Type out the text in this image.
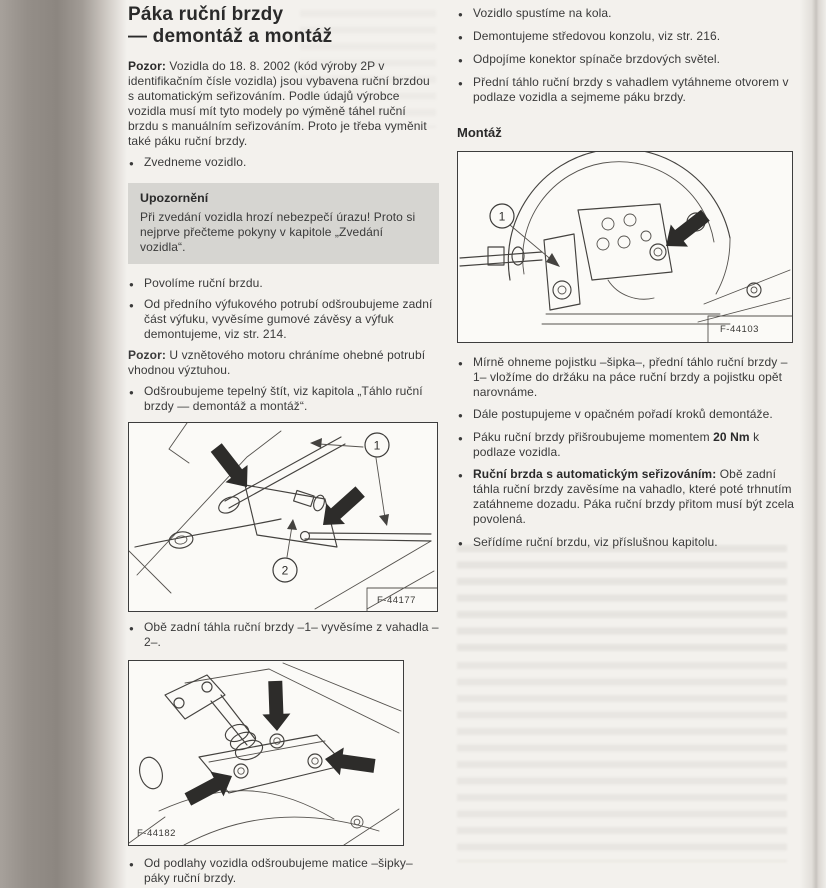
Páka ruční brzdy
— demontáž a montáž

Pozor: Vozidla do 18. 8. 2002 (kód výroby 2P v identifikačním čísle vozidla) jsou vybavena ruční brzdou s automatickým seřizováním. Podle údajů výrobce vozidla musí mít tyto modely po výměně táhel ruční brzdu s manuálním seřizováním. Proto je třeba vyměnit také páku ruční brzdy.

●
Zvedneme vozidlo.
Upozornění
Při zvedání vozidla hrozí nebezpečí úrazu! Proto si nejprve přečteme pokyny v kapitole „Zvedání vozidla“.
●
Povolíme ruční brzdu.
●
Od předního výfukového potrubí odšroubujeme zadní část výfuku, vyvěsíme gumové závěsy a výfuk demontujeme, viz str. 214.

Pozor: U vznětového motoru chráníme ohebné potrubí vhodnou výztuhou.

●
Odšroubujeme tepelný štít, viz kapitola „Táhlo ruční brzdy — demontáž a montáž“.
1
2
F-44177
●
Obě zadní táhla ruční brzdy –1– vyvěsíme z vahadla –2–.
F-44182
●
Od podlahy vozidla odšroubujeme matice –šipky– páky ruční brzdy.
●
Vozidlo spustíme na kola.
●
Demontujeme středovou konzolu, viz str. 216.
●
Odpojíme konektor spínače brzdových světel.
●
Přední táhlo ruční brzdy s vahadlem vytáhneme otvorem v podlaze vozidla a sejmeme páku brzdy.
Montáž
1
F-44103
●
Mírně ohneme pojistku –šipka–, přední táhlo ruční brzdy –1– vložíme do držáku na páce ruční brzdy a pojistku opět narovnáme.
●
Dále postupujeme v opačném pořadí kroků demontáže.
●
Páku ruční brzdy přišroubujeme momentem 20 Nm k podlaze vozidla.
●
Ruční brzda s automatickým seřizováním: Obě zadní táhla ruční brzdy zavěsíme na vahadlo, které poté trhnutím zatáhneme dozadu. Páka ruční brzdy přitom musí být zcela povolená.
●
Seřídíme ruční brzdu, viz příslušnou kapitolu.
